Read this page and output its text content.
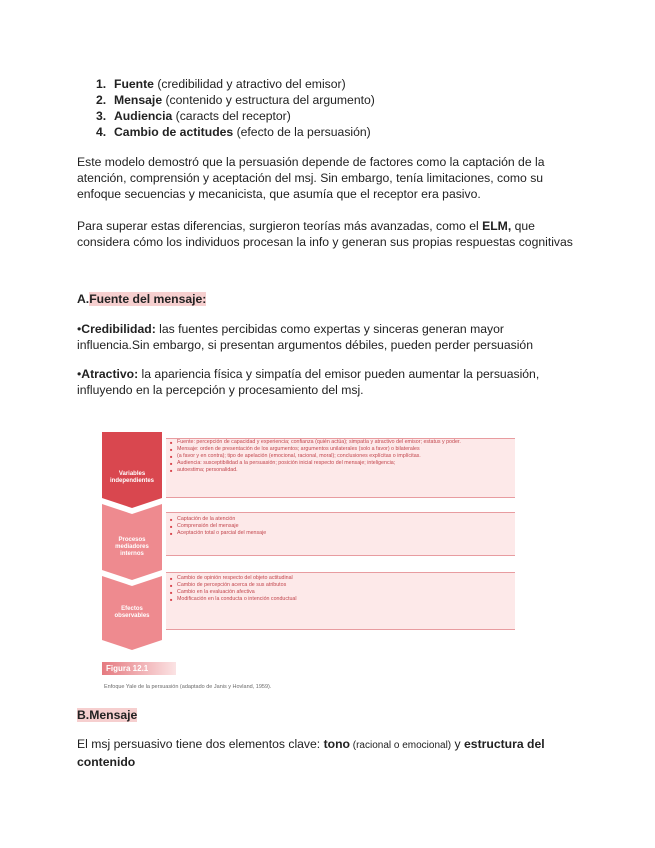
1. Fuente (credibilidad y atractivo del emisor)
2. Mensaje (contenido y estructura del argumento)
3. Audiencia (caracts del receptor)
4. Cambio de actitudes (efecto de la persuasión)

Este modelo demostró que la persuasión depende de factores como la captación de la atención, comprensión y aceptación del msj. Sin embargo, tenía limitaciones, como su enfoque secuencias y mecanicista, que asumía que el receptor era pasivo.

Para superar estas diferencias, surgieron teorías más avanzadas, como el ELM, que considera cómo los individuos procesan la info y generan sus propias respuestas cognitivas

A.Fuente del mensaje:

•Credibilidad: las fuentes percibidas como expertas y sinceras generan mayor influencia.Sin embargo, si presentan argumentos débiles, pueden perder persuasión

•Atractivo: la apariencia física y simpatía del emisor pueden aumentar la persuasión, influyendo en la percepción y procesamiento del msj.

Variables independientes
Procesos mediadores internos
Efectos observables
■ Fuente: percepción de capacidad y experiencia; confianza (quién actúa); simpatía y atractivo del emisor; estatus y poder.
■ Mensaje: orden de presentación de los argumentos; argumentos unilaterales (solo a favor) o bilaterales
■ (a favor y en contra); tipo de apelación (emocional, racional, moral); conclusiones explícitas o implícitas.
■ Audiencia: susceptibilidad a la persuasión; posición inicial respecto del mensaje; inteligencia;
■ autoestima; personalidad.
■ Captación de la atención
■ Comprensión del mensaje
■ Aceptación total o parcial del mensaje
■ Cambio de opinión respecto del objeto actitudinal
■ Cambio de percepción acerca de sus atributos
■ Cambio en la evaluación afectiva
■ Modificación en la conducta o intención conductual
Figura 12.1
Enfoque Yale de la persuasión (adaptado de Janis y Hovland, 1959).
B.Mensaje

El msj persuasivo tiene dos elementos clave: tono (racional o emocional) y estructura del contenido
